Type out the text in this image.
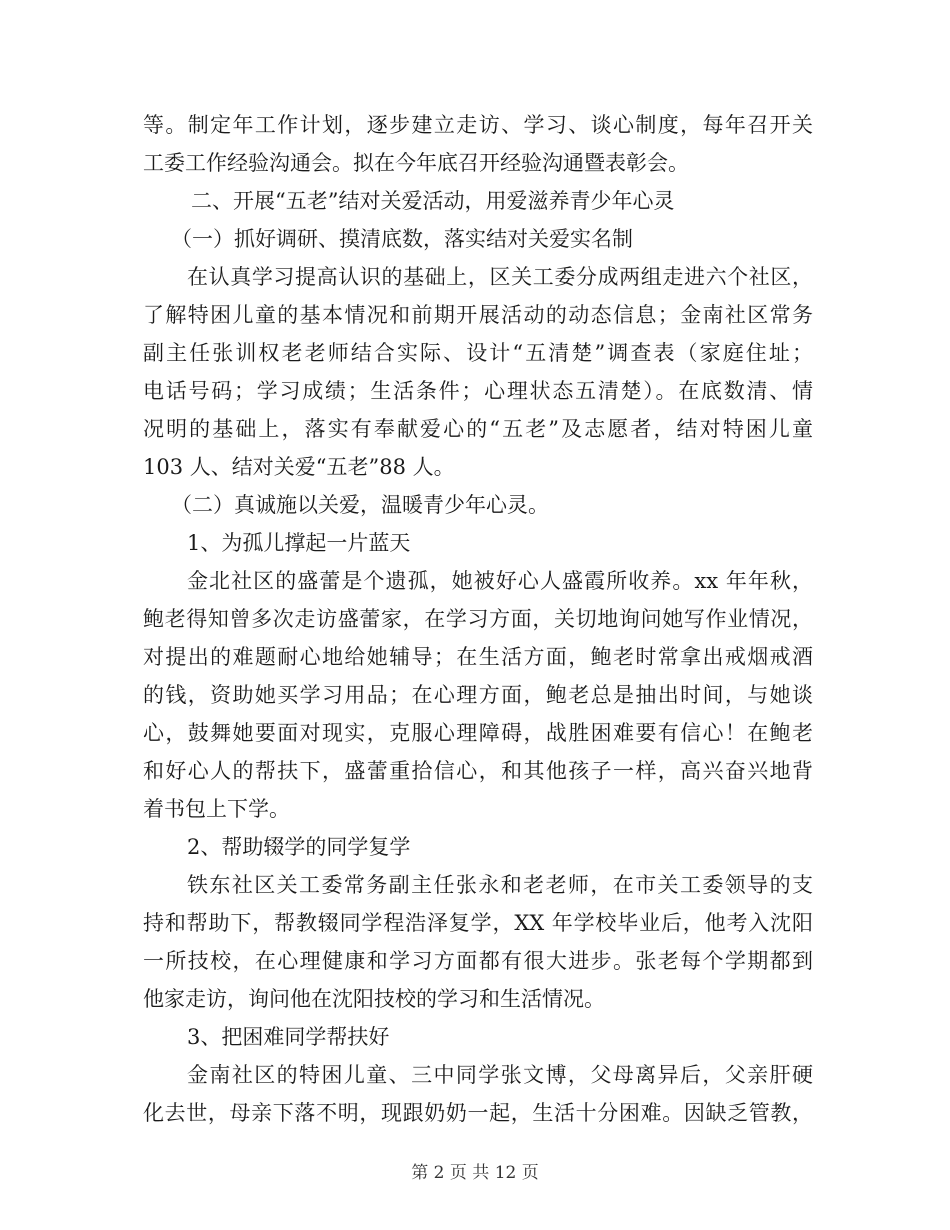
等。制定年工作计划，逐步建立走访、学习、谈心制度，每年召开关
工委工作经验沟通会。拟在今年底召开经验沟通暨表彰会。
二、开展“五老”结对关爱活动，用爱滋养青少年心灵
（一）抓好调研、摸清底数，落实结对关爱实名制
在认真学习提高认识的基础上，区关工委分成两组走进六个社区，
了解特困儿童的基本情况和前期开展活动的动态信息；金南社区常务
副主任张训权老老师结合实际、设计“五清楚”调查表（家庭住址；
电话号码；学习成绩；生活条件；心理状态五清楚）。在底数清、情
况明的基础上，落实有奉献爱心的“五老”及志愿者，结对特困儿童
103 人、结对关爱“五老”88 人。
（二）真诚施以关爱，温暖青少年心灵。
1、为孤儿撑起一片蓝天
金北社区的盛蕾是个遗孤，她被好心人盛霞所收养。xx 年年秋，
鲍老得知曾多次走访盛蕾家，在学习方面，关切地询问她写作业情况，
对提出的难题耐心地给她辅导；在生活方面，鲍老时常拿出戒烟戒酒
的钱，资助她买学习用品；在心理方面，鲍老总是抽出时间，与她谈
心，鼓舞她要面对现实，克服心理障碍，战胜困难要有信心！在鲍老
和好心人的帮扶下，盛蕾重拾信心，和其他孩子一样，高兴奋兴地背
着书包上下学。
2、帮助辍学的同学复学
铁东社区关工委常务副主任张永和老老师，在市关工委领导的支
持和帮助下，帮教辍同学程浩泽复学，XX 年学校毕业后，他考入沈阳
一所技校，在心理健康和学习方面都有很大进步。张老每个学期都到
他家走访，询问他在沈阳技校的学习和生活情况。
3、把困难同学帮扶好
金南社区的特困儿童、三中同学张文博，父母离异后，父亲肝硬
化去世，母亲下落不明，现跟奶奶一起，生活十分困难。因缺乏管教，
第 2 页 共 12 页
